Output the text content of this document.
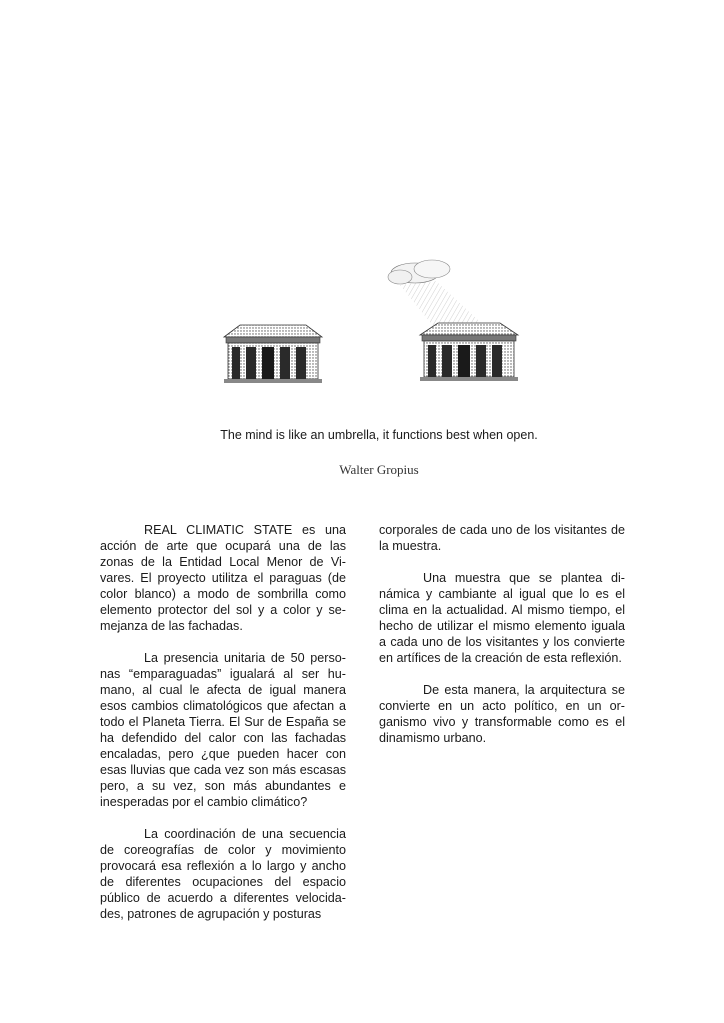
The mind is like an umbrella, it functions best when open.
Walter Gropius

REAL CLIMATIC STATE es una acción de arte que ocupará una de las zonas de la Entidad Local Menor de Vivares. El proyecto utilitza el paraguas (de color blanco) a modo de sombrilla como elemento protector del sol y a color y semejanza de las fachadas.

La presencia unitaria de 50 personas “emparaguadas” igualará al ser humano, al cual le afecta de igual manera esos cambios climatológicos que afectan a todo el Planeta Tierra. El Sur de España se ha defendido del calor con las fachadas encaladas, pero ¿que pueden hacer con esas lluvias que cada vez son más escasas pero, a su vez, son más abundantes e inesperadas por el cambio climático?

La coordinación de una secuencia de coreografías de color y movimiento provocará esa reflexión a lo largo y ancho de diferentes ocupaciones del espacio público de acuerdo a diferentes velocidades, patrones de agrupación y posturas

corporales de cada uno de los visitantes de la muestra.

Una muestra que se plantea dinámica y cambiante al igual que lo es el clima en la actualidad. Al mismo tiempo, el hecho de utilizar el mismo elemento iguala a cada uno de los visitantes y los convierte en artífices de la creación de esta reflexión.

De esta manera, la arquitectura se convierte en un acto político, en un organismo vivo y transformable como es el dinamismo urbano.
